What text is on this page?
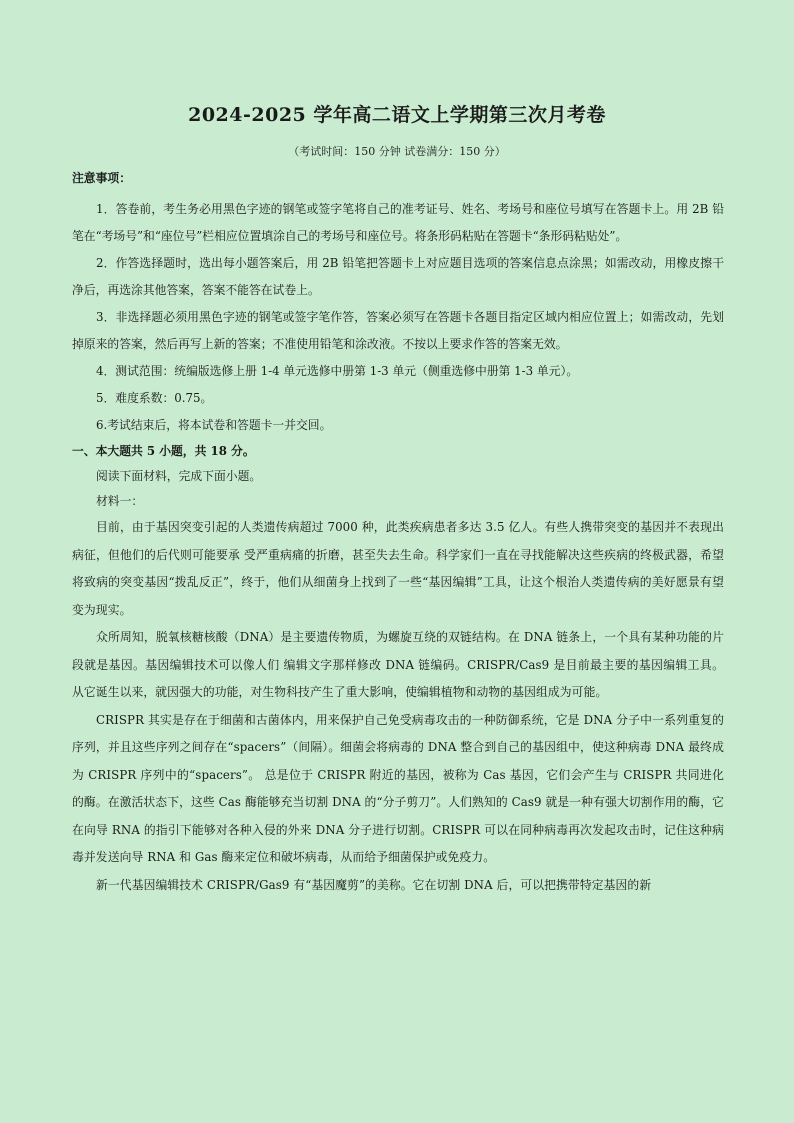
2024-2025 学年高二语文上学期第三次月考卷
（考试时间：150 分钟 试卷满分：150 分）
注意事项：

1．答卷前，考生务必用黑色字迹的钢笔或签字笔将自己的准考证号、姓名、考场号和座位号填写在答题卡上。用 2B 铅笔在“考场号”和“座位号”栏相应位置填涂自己的考场号和座位号。将条形码粘贴在答题卡“条形码粘贴处”。

2．作答选择题时，选出每小题答案后，用 2B 铅笔把答题卡上对应题目选项的答案信息点涂黑；如需改动，用橡皮擦干净后，再选涂其他答案，答案不能答在试卷上。

3．非选择题必须用黑色字迹的钢笔或签字笔作答，答案必须写在答题卡各题目指定区域内相应位置上；如需改动，先划掉原来的答案，然后再写上新的答案；不准使用铅笔和涂改液。不按以上要求作答的答案无效。

4．测试范围：统编版选修上册 1-4 单元选修中册第 1-3 单元（侧重选修中册第 1-3 单元）。

5．难度系数：0.75。

6.考试结束后，将本试卷和答题卡一并交回。

一、本大题共 5 小题，共 18 分。

阅读下面材料，完成下面小题。

材料一：

目前，由于基因突变引起的人类遗传病超过 7000 种，此类疾病患者多达 3.5 亿人。有些人携带突变的基因并不表现出病征，但他们的后代则可能要承 受严重病痛的折磨，甚至失去生命。科学家们一直在寻找能解决这些疾病的终极武器，希望将致病的突变基因“拨乱反正”，终于，他们从细菌身上找到了一些“基因编辑”工具，让这个根治人类遗传病的美好愿景有望变为现实。

众所周知，脱氧核糖核酸（DNA）是主要遗传物质，为螺旋互绕的双链结构。在 DNA 链条上，一个具有某种功能的片段就是基因。基因编辑技术可以像人们 编辑文字那样修改 DNA 链编码。CRISPR/Cas9 是目前最主要的基因编辑工具。 从它诞生以来，就因强大的功能，对生物科技产生了重大影响，使编辑植物和动物的基因组成为可能。

CRISPR 其实是存在于细菌和古菌体内，用来保护自己免受病毒攻击的一种防御系统，它是 DNA 分子中一系列重复的序列，并且这些序列之间存在“spacers”（间隔）。细菌会将病毒的 DNA 整合到自己的基因组中，使这种病毒 DNA 最终成为 CRISPR 序列中的“spacers”。 总是位于 CRISPR 附近的基因，被称为 Cas 基因，它们会产生与 CRISPR 共同进化的酶。在激活状态下，这些 Cas 酶能够充当切割 DNA 的“分子剪刀”。人们熟知的 Cas9 就是一种有强大切割作用的酶，它在向导 RNA 的指引下能够对各种入侵的外来 DNA 分子进行切割。CRISPR 可以在同种病毒再次发起攻击时，记住这种病毒并发送向导 RNA 和 Gas 酶来定位和破坏病毒，从而给予细菌保护或免疫力。

新一代基因编辑技术 CRISPR/Gas9 有“基因魔剪”的美称。它在切割 DNA 后，可以把携带特定基因的新
